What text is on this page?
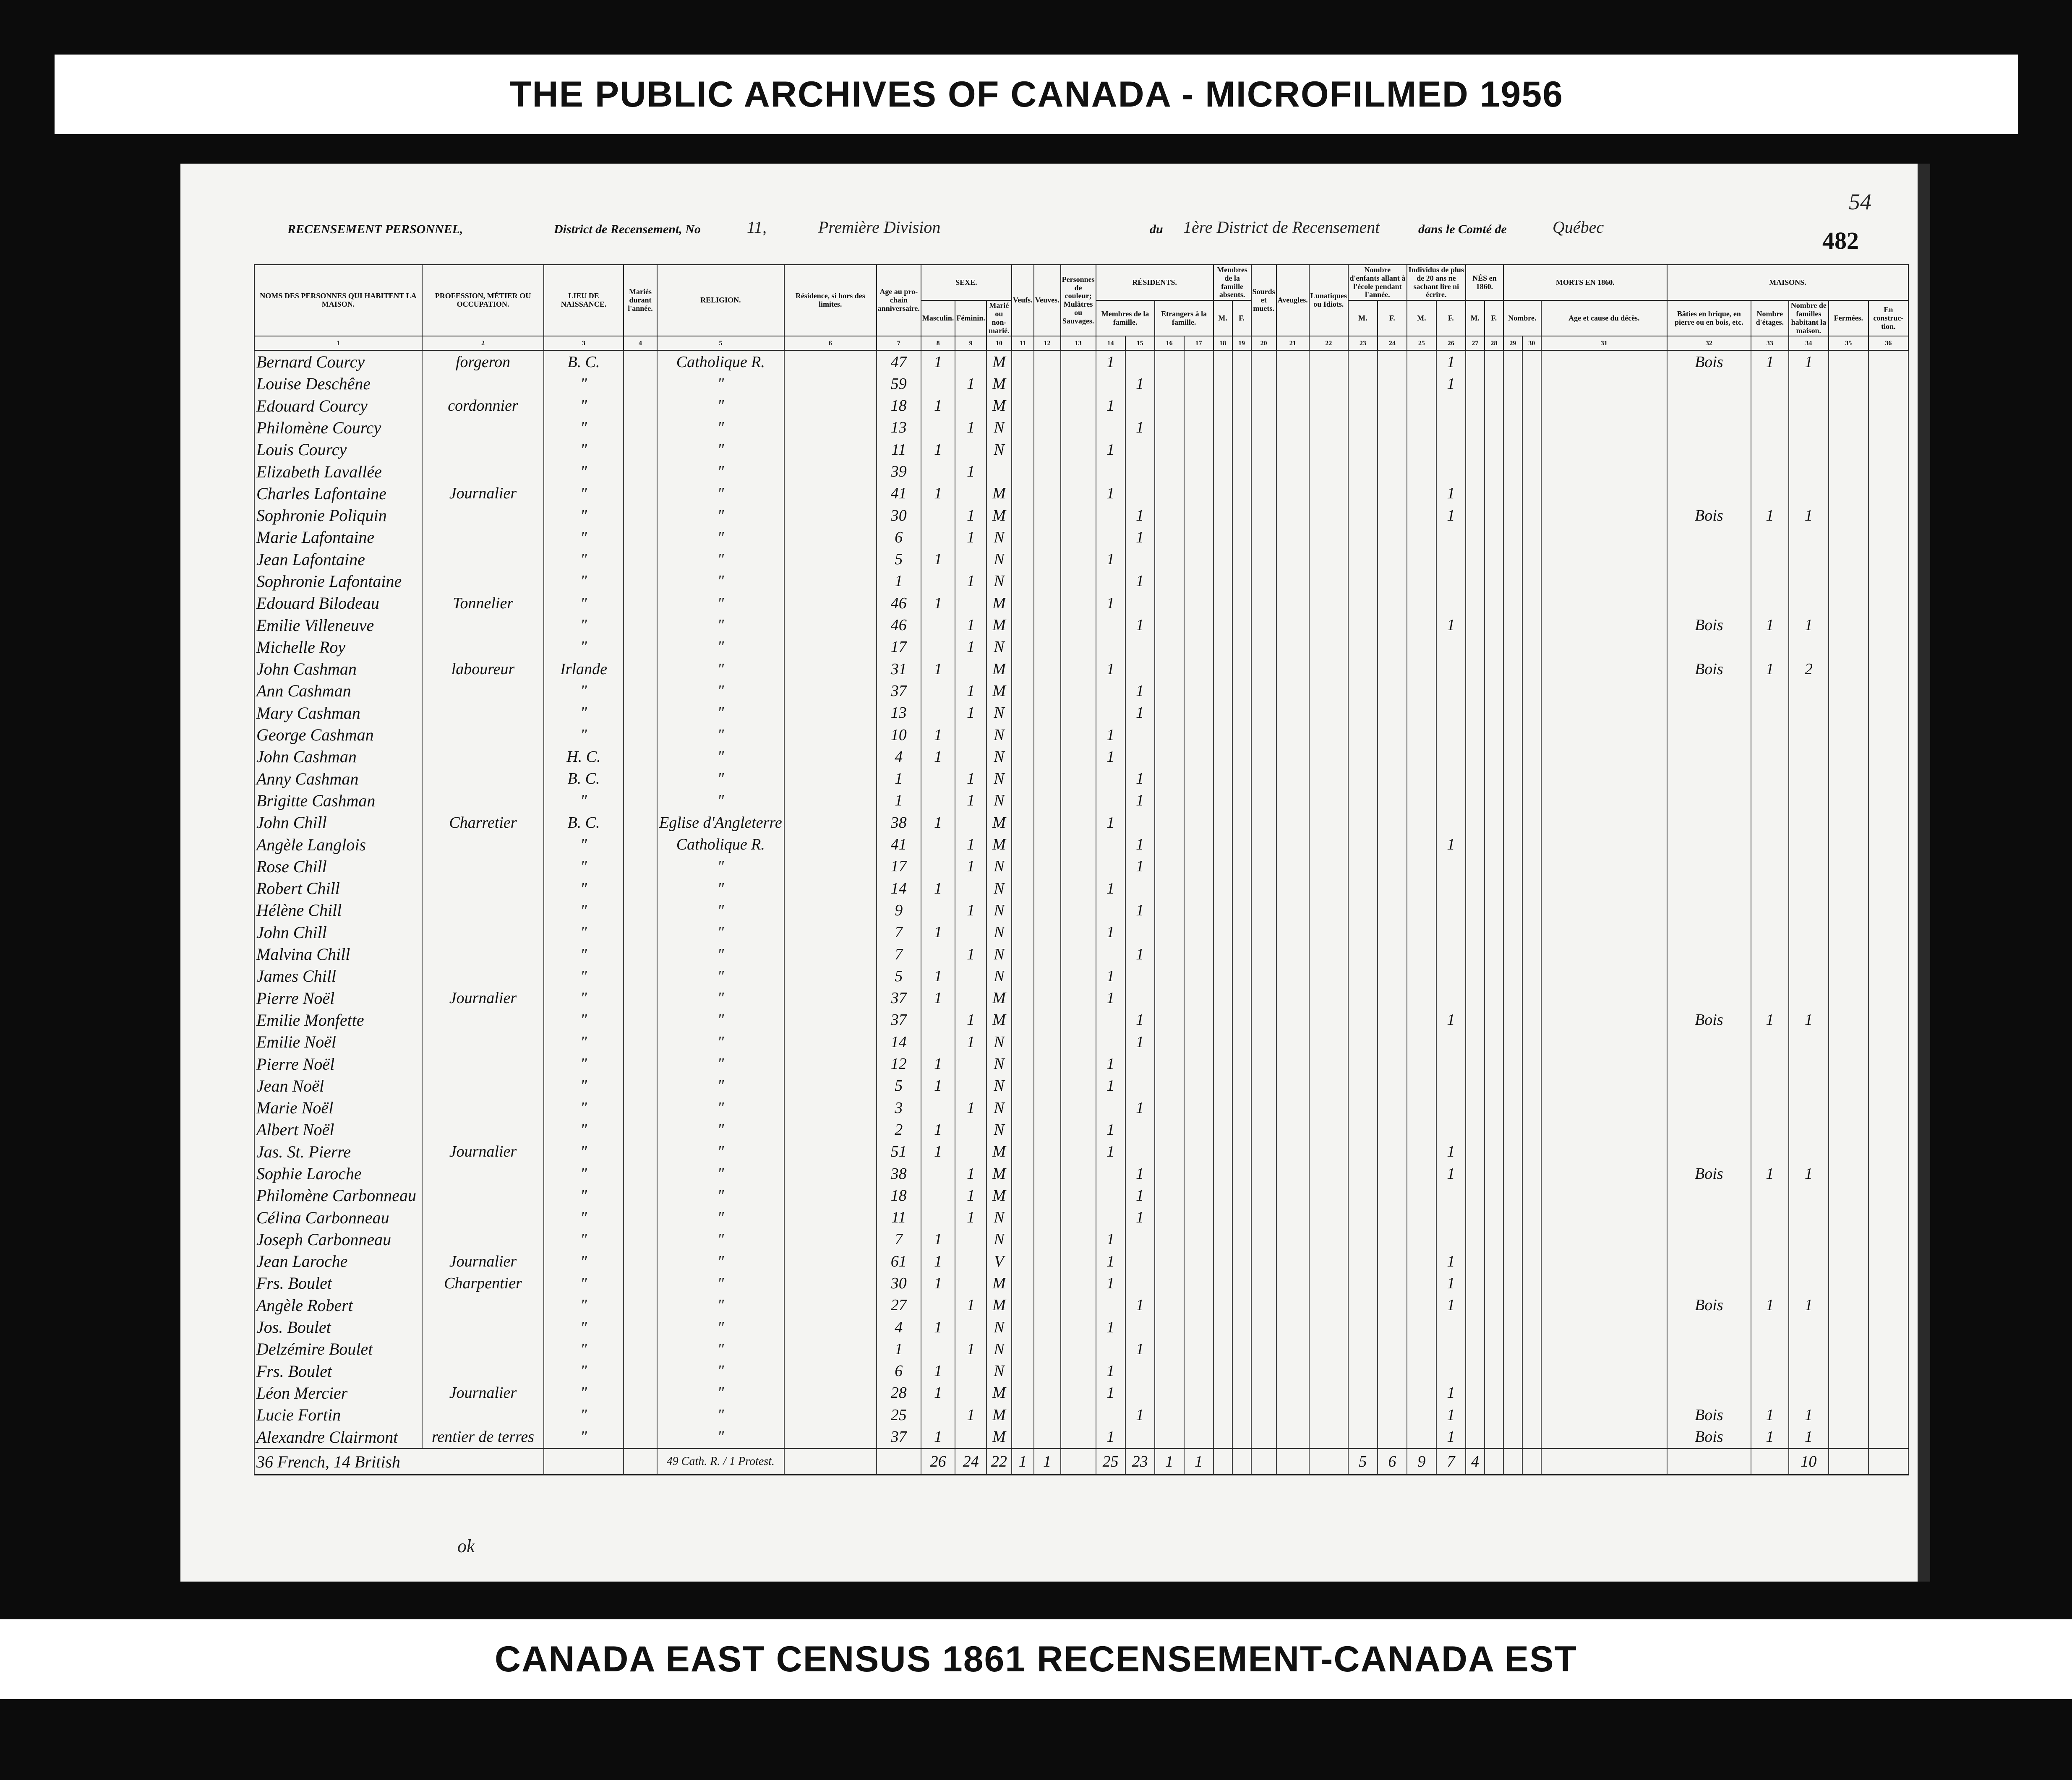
THE PUBLIC ARCHIVES OF CANADA - MICROFILMED 1956
RECENSEMENT PERSONNEL,	District de Recensement, No	11,	Première Division	du 1ère District de Recensement	dans le Comté de	Québec	482
54
NOMS DES PERSONNES QUI HABITENT LA MAISON.	PROFESSION, MÉTIER OU OCCUPATION.	LIEU DE NAISSANCE.	Mariés durant l'année.	RELIGION.	Résidence, si hors des limites.	Age au pro-chain anniversaire.	SEXE.			Veufs.	Veuves.	Personnes de couleur; Mulâtres ou Sauvages.	RÉSIDENTS.				Membres de la famille absents.		Sourds et muets.	Aveugles.	Lunatiques ou Idiots.	Nombre d'enfants allant à l'école pendant l'année.		Individus de plus de 20 ans ne sachant lire ni écrire.		NÉS en 1860.		MORTS EN 1860.			MAISONS.				
							Masculin.	Féminin.	Marié ou non-marié.				Membres de la famille.		Etrangers à la famille.		M.	F.				M.	F.	M.	F.	M.	F.	Nombre.		Age et cause du décès.	Bâties en brique, en pierre ou en bois, etc.	Nombre d'étages.	Nombre de familles habitant la maison.	Fermées.	En construc-tion.
1	2	3	4	5	6	7	8	9	10	11	12	13	14	15	16	17	18	19	20	21	22	23	24	25	26	27	28	29	30	31	32	33	34	35	36
Bernard Courcy	forgeron	B. C.		Catholique R.		47	1		M				1												1						Bois	1	1		
Louise Deschêne		"		"		59		1	M					1											1										
Edouard Courcy	cordonnier	"		"		18	1		M				1																						
Philomène Courcy		"		"		13		1	N					1																					
Louis Courcy		"		"		11	1		N				1																						
Elizabeth Lavallée		"		"		39		1																											
Charles Lafontaine	Journalier	"		"		41	1		M				1												1										
Sophronie Poliquin		"		"		30		1	M					1											1						Bois	1	1		
Marie Lafontaine		"		"		6		1	N					1																					
Jean Lafontaine		"		"		5	1		N				1																						
Sophronie Lafontaine		"		"		1		1	N					1																					
Edouard Bilodeau	Tonnelier	"		"		46	1		M				1																						
Emilie Villeneuve		"		"		46		1	M					1											1						Bois	1	1		
Michelle Roy		"		"		17		1	N																										
John Cashman	laboureur	Irlande		"		31	1		M				1																		Bois	1	2		
Ann Cashman		"		"		37		1	M					1																					
Mary Cashman		"		"		13		1	N					1																					
George Cashman		"		"		10	1		N				1																						
John Cashman		H. C.		"		4	1		N				1																						
Anny Cashman		B. C.		"		1		1	N					1																					
Brigitte Cashman		"		"		1		1	N					1																					
John Chill	Charretier	B. C.		Eglise d'Angleterre		38	1		M				1																						
Angèle Langlois		"		Catholique R.		41		1	M					1											1										
Rose Chill		"		"		17		1	N					1																					
Robert Chill		"		"		14	1		N				1																						
Hélène Chill		"		"		9		1	N					1																					
John Chill		"		"		7	1		N				1																						
Malvina Chill		"		"		7		1	N					1																					
James Chill		"		"		5	1		N				1																						
Pierre Noël	Journalier	"		"		37	1		M				1																						
Emilie Monfette		"		"		37		1	M					1											1						Bois	1	1		
Emilie Noël		"		"		14		1	N					1																					
Pierre Noël		"		"		12	1		N				1																						
Jean Noël		"		"		5	1		N				1																						
Marie Noël		"		"		3		1	N					1																					
Albert Noël		"		"		2	1		N				1																						
Jas. St. Pierre	Journalier	"		"		51	1		M				1												1										
Sophie Laroche		"		"		38		1	M					1											1						Bois	1	1		
Philomène Carbonneau		"		"		18		1	M					1																					
Célina Carbonneau		"		"		11		1	N					1																					
Joseph Carbonneau		"		"		7	1		N				1																						
Jean Laroche	Journalier	"		"		61	1		V				1												1										
Frs. Boulet	Charpentier	"		"		30	1		M				1												1										
Angèle Robert		"		"		27		1	M					1											1						Bois	1	1		
Jos. Boulet		"		"		4	1		N				1																						
Delzémire Boulet		"		"		1		1	N					1																					
Frs. Boulet		"		"		6	1		N				1																						
Léon Mercier	Journalier	"		"		28	1		M				1												1										
Lucie Fortin		"		"		25		1	M					1											1						Bois	1	1		
Alexandre Clairmont	rentier de terres	"		"		37	1		M				1												1						Bois	1	1		
36 French, 14 British				49 Cath. R. / 1 Protest.			26	24	22	1	1		25	23	1	1						5	6	9	7	4							10		
ok
CANADA EAST CENSUS 1861 RECENSEMENT-CANADA EST
